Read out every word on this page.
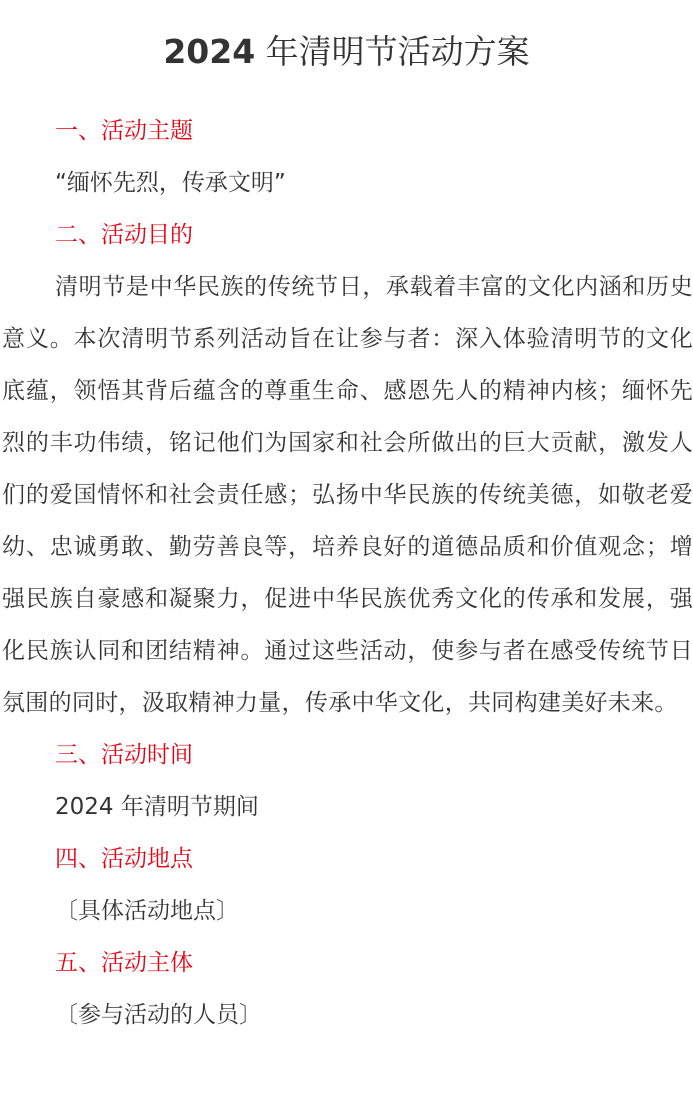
2024 年清明节活动方案

一、活动主题

“缅怀先烈，传承文明”

二、活动目的

清明节是中华民族的传统节日，承载着丰富的文化内涵和历史意义。本次清明节系列活动旨在让参与者：深入体验清明节的文化底蕴，领悟其背后蕴含的尊重生命、感恩先人的精神内核；缅怀先烈的丰功伟绩，铭记他们为国家和社会所做出的巨大贡献，激发人们的爱国情怀和社会责任感；弘扬中华民族的传统美德，如敬老爱幼、忠诚勇敢、勤劳善良等，培养良好的道德品质和价值观念；增强民族自豪感和凝聚力，促进中华民族优秀文化的传承和发展，强化民族认同和团结精神。通过这些活动，使参与者在感受传统节日氛围的同时，汲取精神力量，传承中华文化，共同构建美好未来。

三、活动时间

2024 年清明节期间

四、活动地点

〔具体活动地点〕

五、活动主体

〔参与活动的人员〕
